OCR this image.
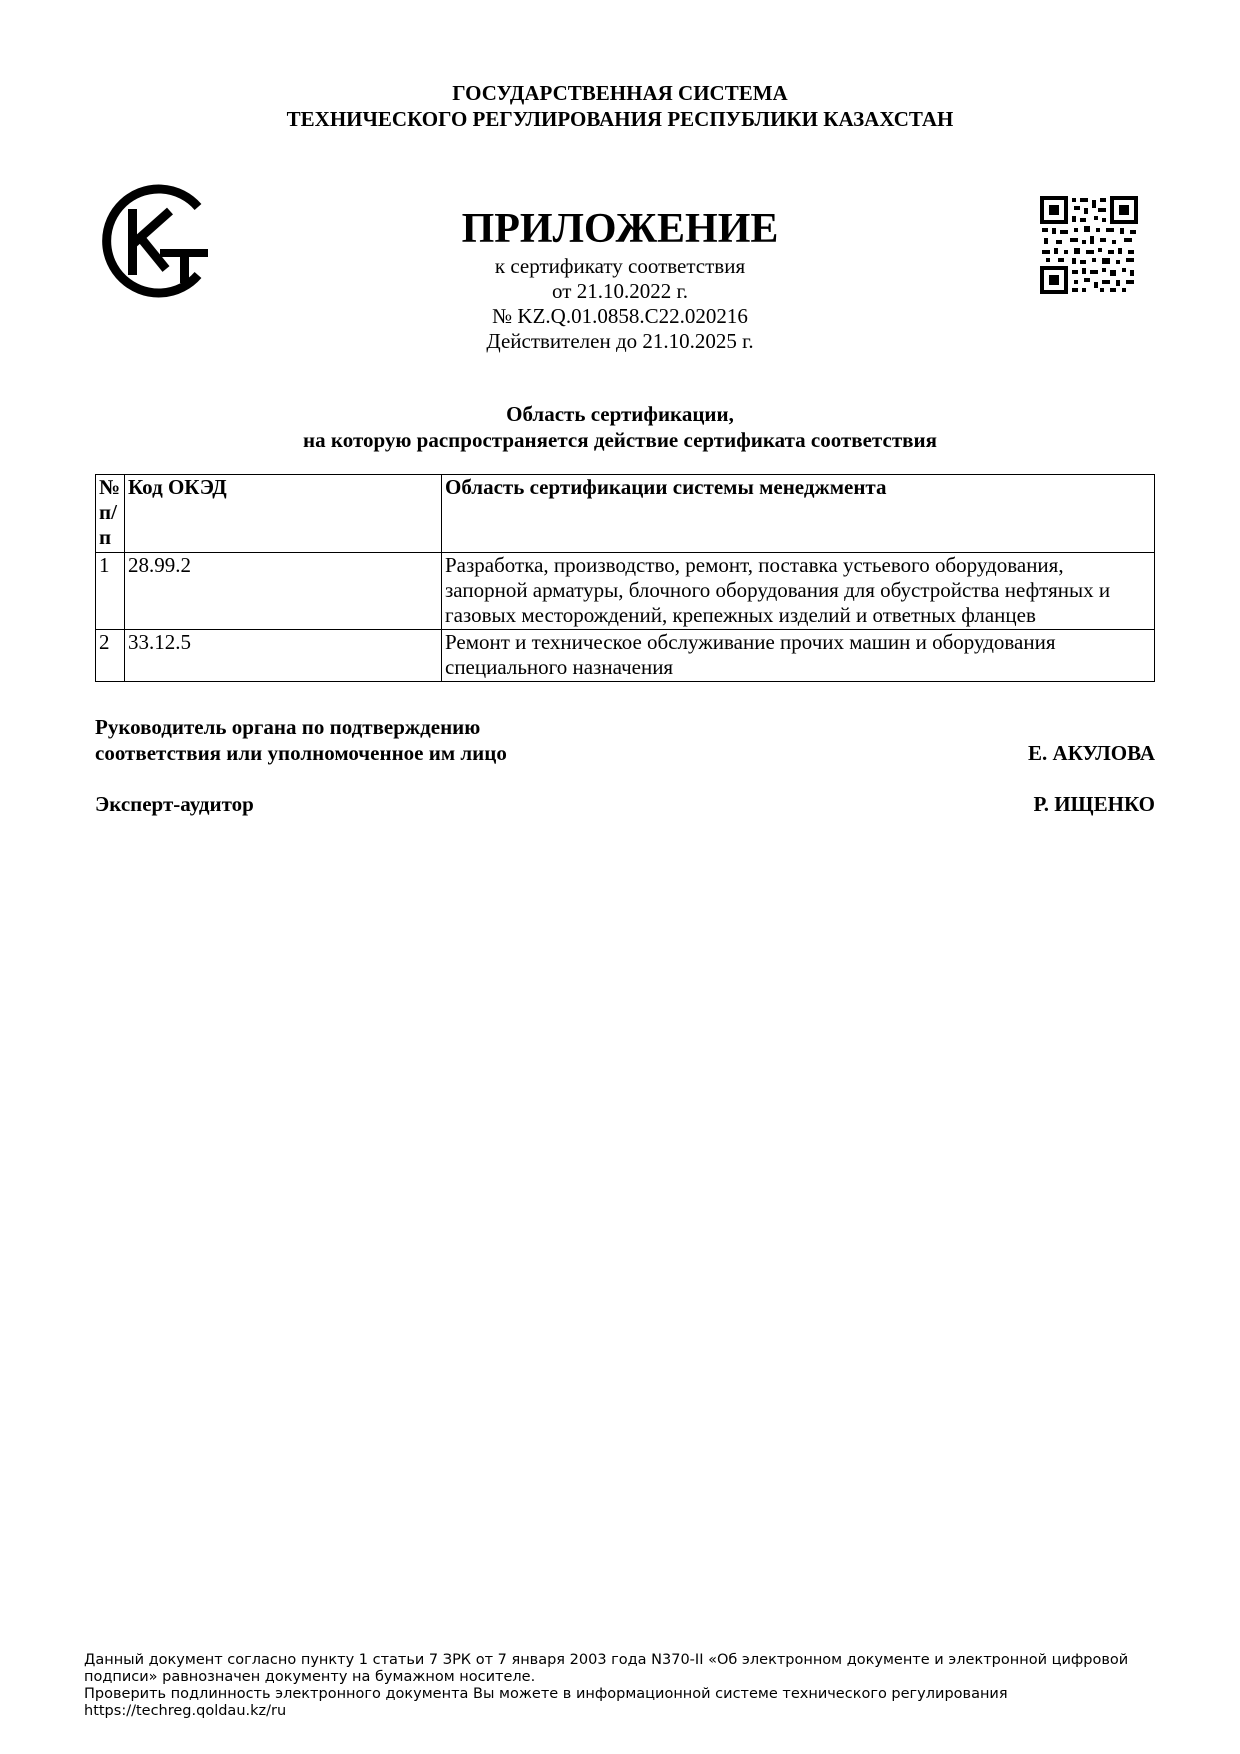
ГОСУДАРСТВЕННАЯ СИСТЕМА
ТЕХНИЧЕСКОГО РЕГУЛИРОВАНИЯ РЕСПУБЛИКИ КАЗАХСТАН
ПРИЛОЖЕНИЕ
к сертификату соответствия
от 21.10.2022 г.
№ KZ.Q.01.0858.С22.020216
Действителен до 21.10.2025 г.
Область сертификации,
на которую распространяется действие сертификата соответствия
№
п/
п	Код ОКЭД	Область сертификации системы менеджмента
1	28.99.2	Разработка, производство, ремонт, поставка устьевого оборудования, запорной арматуры, блочного оборудования для обустройства нефтяных и газовых месторождений, крепежных изделий и ответных фланцев
2	33.12.5	Ремонт и техническое обслуживание прочих машин и оборудования специального назначения
Руководитель органа по подтверждению
соответствия или уполномоченное им лицо	Е. АКУЛОВА
Эксперт-аудитор	Р. ИЩЕНКО
Данный документ согласно пункту 1 статьи 7 ЗРК от 7 января 2003 года N370-II «Об электронном документе и электронной цифровой
подписи» равнозначен документу на бумажном носителе.
Проверить подлинность электронного документа Вы можете в информационной системе технического регулирования
https://techreg.qoldau.kz/ru
